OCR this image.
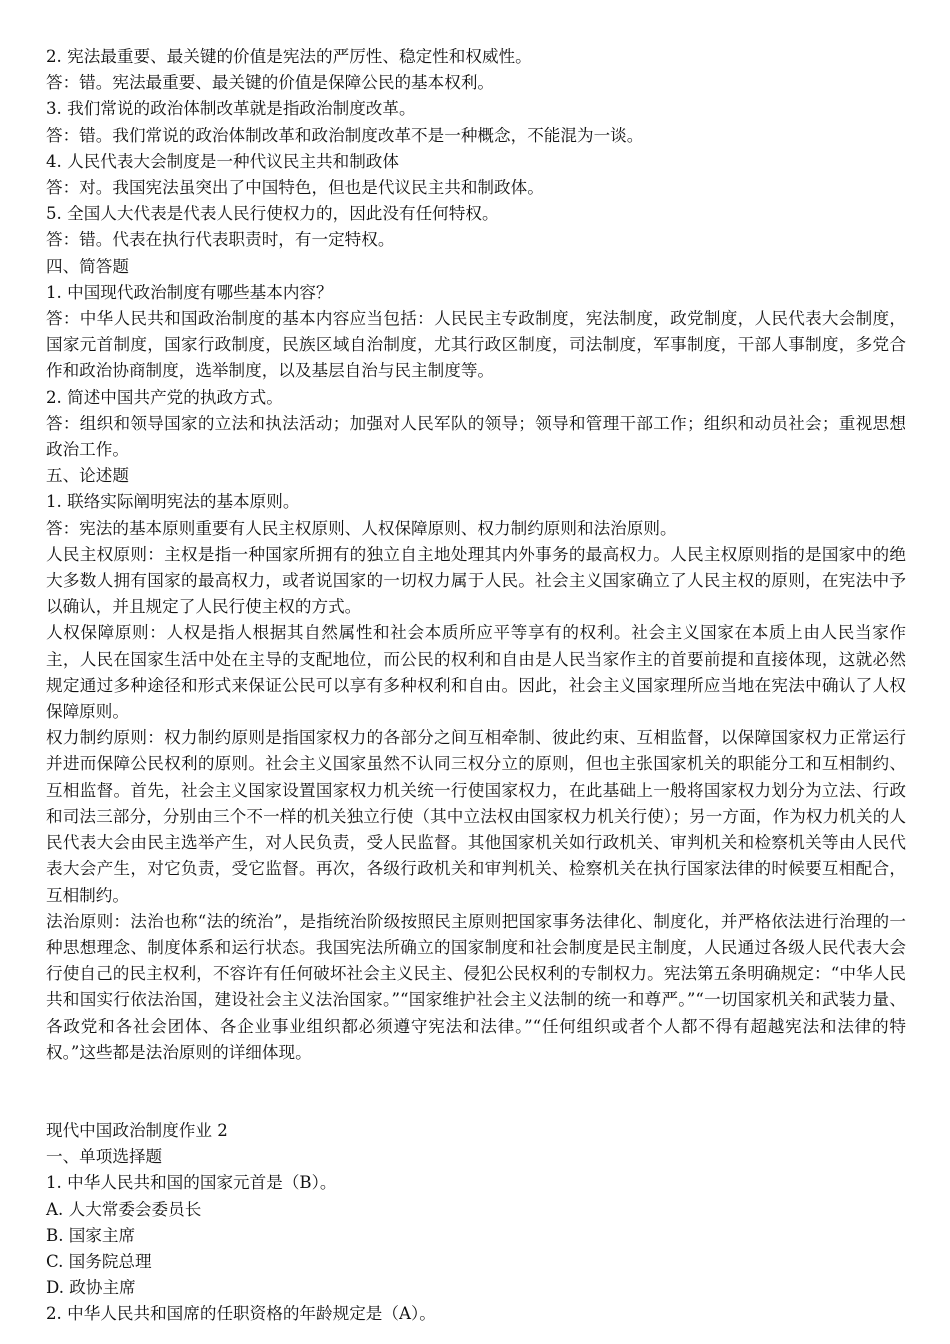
2. 宪法最重要、最关键的价值是宪法的严厉性、稳定性和权威性。

答：错。宪法最重要、最关键的价值是保障公民的基本权利。

3. 我们常说的政治体制改革就是指政治制度改革。

答：错。我们常说的政治体制改革和政治制度改革不是一种概念，不能混为一谈。

4. 人民代表大会制度是一种代议民主共和制政体

答：对。我国宪法虽突出了中国特色，但也是代议民主共和制政体。

5. 全国人大代表是代表人民行使权力的，因此没有任何特权。

答：错。代表在执行代表职责时，有一定特权。

四、简答题

1. 中国现代政治制度有哪些基本内容？

答：中华人民共和国政治制度的基本内容应当包括：人民民主专政制度，宪法制度，政党制度，人民代表大会制度，国家元首制度，国家行政制度，民族区域自治制度，尤其行政区制度，司法制度，军事制度，干部人事制度，多党合作和政治协商制度，选举制度，以及基层自治与民主制度等。

2. 简述中国共产党的执政方式。

答：组织和领导国家的立法和执法活动；加强对人民军队的领导；领导和管理干部工作；组织和动员社会；重视思想政治工作。

五、论述题

1. 联络实际阐明宪法的基本原则。

答：宪法的基本原则重要有人民主权原则、人权保障原则、权力制约原则和法治原则。

人民主权原则：主权是指一种国家所拥有的独立自主地处理其内外事务的最高权力。人民主权原则指的是国家中的绝大多数人拥有国家的最高权力，或者说国家的一切权力属于人民。社会主义国家确立了人民主权的原则，在宪法中予以确认，并且规定了人民行使主权的方式。

人权保障原则：人权是指人根据其自然属性和社会本质所应平等享有的权利。社会主义国家在本质上由人民当家作主，人民在国家生活中处在主导的支配地位，而公民的权利和自由是人民当家作主的首要前提和直接体现，这就必然规定通过多种途径和形式来保证公民可以享有多种权利和自由。因此，社会主义国家理所应当地在宪法中确认了人权保障原则。

权力制约原则：权力制约原则是指国家权力的各部分之间互相牵制、彼此约束、互相监督，以保障国家权力正常运行并进而保障公民权利的原则。社会主义国家虽然不认同三权分立的原则，但也主张国家机关的职能分工和互相制约、互相监督。首先，社会主义国家设置国家权力机关统一行使国家权力，在此基础上一般将国家权力划分为立法、行政和司法三部分，分别由三个不一样的机关独立行使（其中立法权由国家权力机关行使）；另一方面，作为权力机关的人民代表大会由民主选举产生，对人民负责，受人民监督。其他国家机关如行政机关、审判机关和检察机关等由人民代表大会产生，对它负责，受它监督。再次，各级行政机关和审判机关、检察机关在执行国家法律的时候要互相配合，互相制约。

法治原则：法治也称“法的统治”，是指统治阶级按照民主原则把国家事务法律化、制度化，并严格依法进行治理的一种思想理念、制度体系和运行状态。我国宪法所确立的国家制度和社会制度是民主制度，人民通过各级人民代表大会行使自己的民主权利，不容许有任何破坏社会主义民主、侵犯公民权利的专制权力。宪法第五条明确规定：“中华人民共和国实行依法治国，建设社会主义法治国家。”“国家维护社会主义法制的统一和尊严。”“一切国家机关和武装力量、各政党和各社会团体、各企业事业组织都必须遵守宪法和法律。”“任何组织或者个人都不得有超越宪法和法律的特权。”这些都是法治原则的详细体现。

现代中国政治制度作业 2

一、单项选择题

1. 中华人民共和国的国家元首是（B）。

A. 人大常委会委员长

B. 国家主席

C. 国务院总理

D. 政协主席

2. 中华人民共和国席的任职资格的年龄规定是（A）。
